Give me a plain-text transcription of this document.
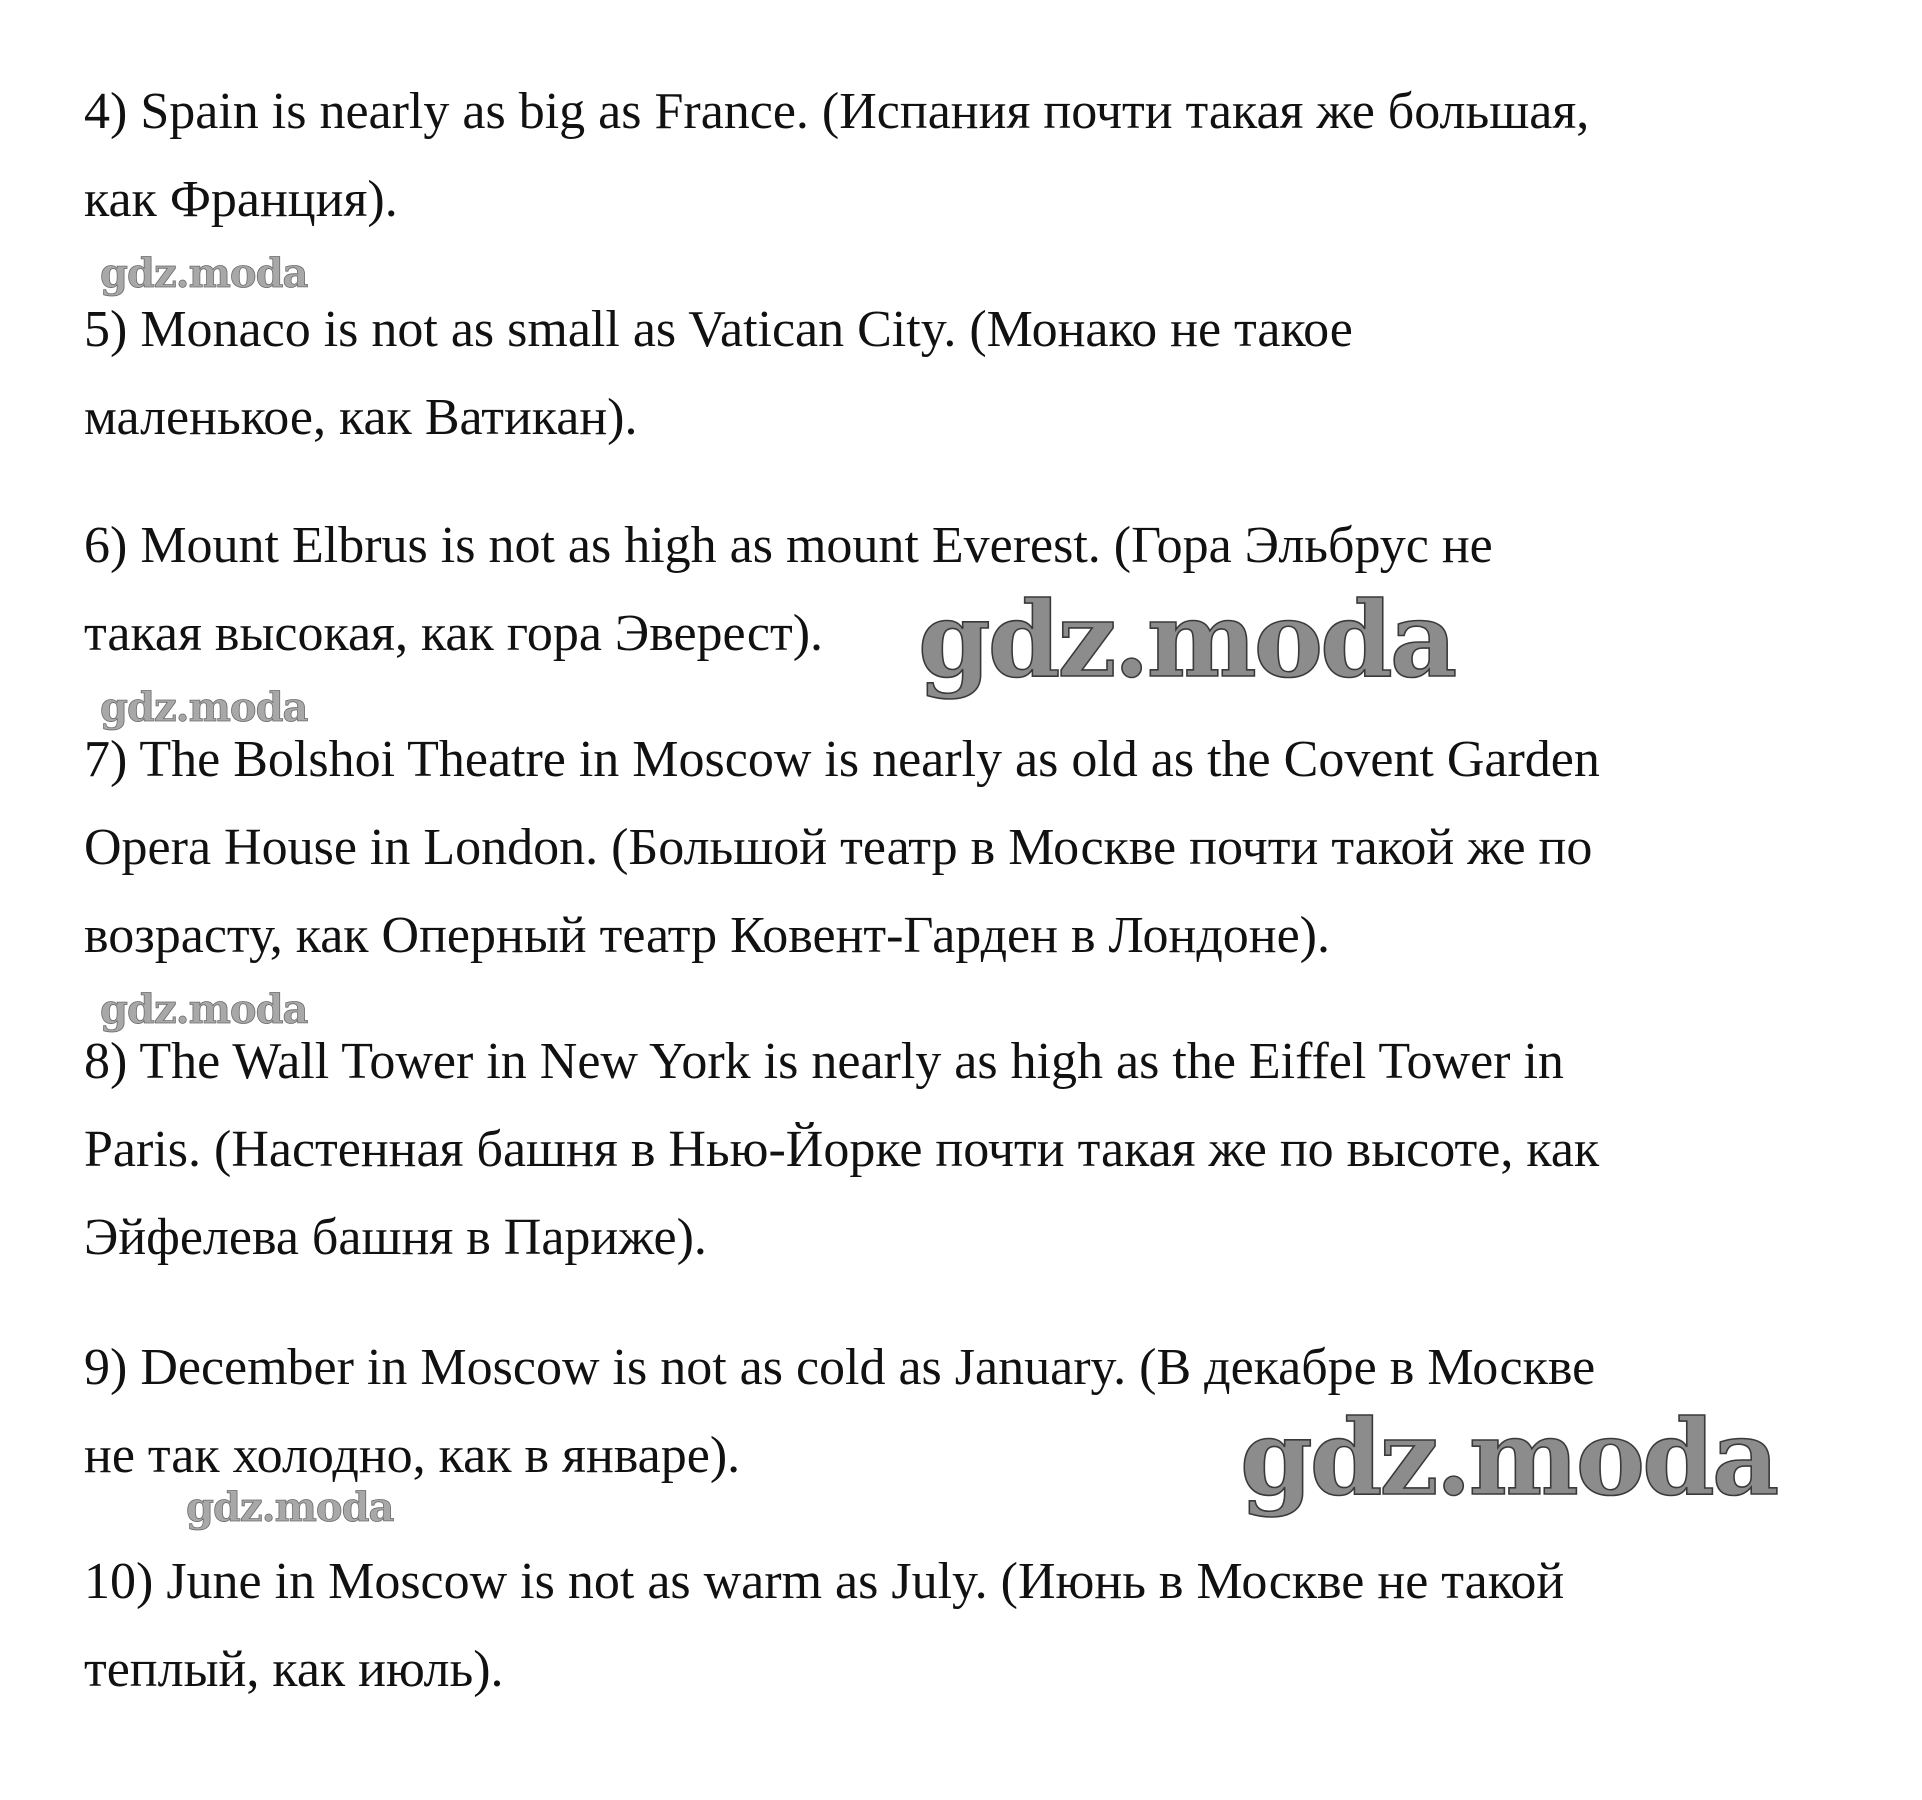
4) Spain is nearly as big as France. (Испания почти такая же большая,
как Франция).
5) Monaco is not as small as Vatican City. (Монако не такое
маленькое, как Ватикан).
6) Mount Elbrus is not as high as mount Everest. (Гора Эльбрус не
такая высокая, как гора Эверест).
7) The Bolshoi Theatre in Moscow is nearly as old as the Covent Garden
Opera House in London. (Большой театр в Москве почти такой же по
возрасту, как Оперный театр Ковент-Гарден в Лондоне).
8) The Wall Tower in New York is nearly as high as the Eiffel Tower in
Paris. (Настенная башня в Нью-Йорке почти такая же по высоте, как
Эйфелева башня в Париже).
9) December in Moscow is not as cold as January. (В декабре в Москве
не так холодно, как в январе).
10) June in Moscow is not as warm as July. (Июнь в Москве не такой
теплый, как июль).
gdz.moda
gdz.moda
gdz.moda
gdz.moda
gdz.moda
gdz.moda
